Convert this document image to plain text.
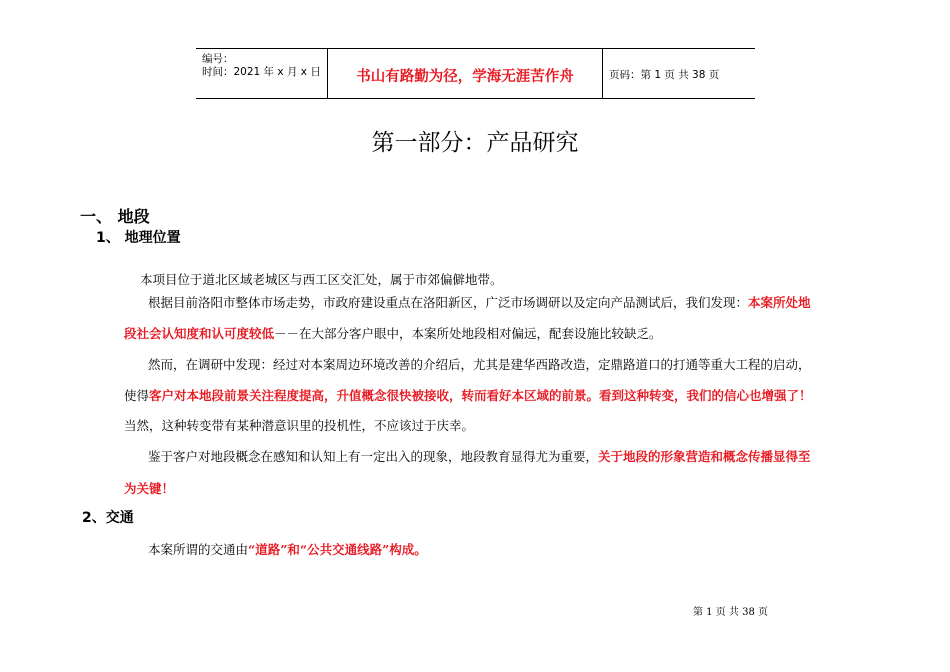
编号：
时间：2021 年 x 月 x 日	书山有路勤为径，学海无涯苦作舟	页码：第 1 页 共 38 页
第一部分：产品研究
一、 地段
1、 地理位置
本项目位于道北区域老城区与西工区交汇处，属于市郊偏僻地带。
根据目前洛阳市整体市场走势，市政府建设重点在洛阳新区，广泛市场调研以及定向产品测试后，我们发现：本案所处地
段社会认知度和认可度较低－－在大部分客户眼中，本案所处地段相对偏远，配套设施比较缺乏。
然而，在调研中发现：经过对本案周边环境改善的介绍后，尤其是建华西路改造，定鼎路道口的打通等重大工程的启动，
使得客户对本地段前景关注程度提高，升值概念很快被接收，转而看好本区域的前景。看到这种转变，我们的信心也增强了！
当然，这种转变带有某种潜意识里的投机性，不应该过于庆幸。
鉴于客户对地段概念在感知和认知上有一定出入的现象，地段教育显得尤为重要，关于地段的形象营造和概念传播显得至
为关键！
2、交通
本案所谓的交通由“道路”和“公共交通线路”构成。
第 1 页 共 38 页
